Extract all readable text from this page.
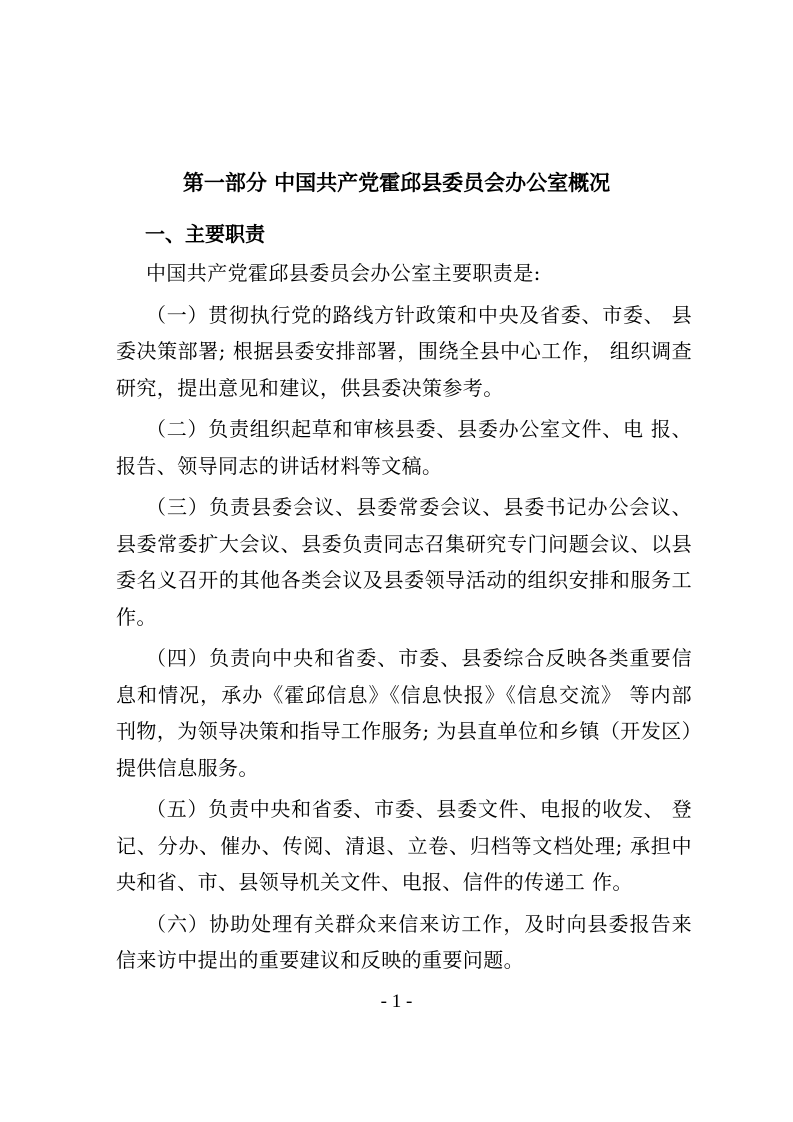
第一部分 中国共产党霍邱县委员会办公室概况
一、主要职责

中国共产党霍邱县委员会办公室主要职责是:

（一）贯彻执行党的路线方针政策和中央及省委、市委、 县委决策部署; 根据县委安排部署，围绕全县中心工作， 组织调查研究，提出意见和建议，供县委决策参考。

（二）负责组织起草和审核县委、县委办公室文件、电 报、报告、领导同志的讲话材料等文稿。

（三）负责县委会议、县委常委会议、县委书记办公会议、县委常委扩大会议、县委负责同志召集研究专门问题会议、以县委名义召开的其他各类会议及县委领导活动的组织安排和服务工作。

（四）负责向中央和省委、市委、县委综合反映各类重要信息和情况，承办《霍邱信息》《信息快报》《信息交流》 等内部刊物，为领导决策和指导工作服务; 为县直单位和乡镇（开发区）提供信息服务。

（五）负责中央和省委、市委、县委文件、电报的收发、 登记、分办、催办、传阅、清退、立卷、归档等文档处理; 承担中央和省、市、县领导机关文件、电报、信件的传递工 作。

（六）协助处理有关群众来信来访工作，及时向县委报告来信来访中提出的重要建议和反映的重要问题。

- 1 -
